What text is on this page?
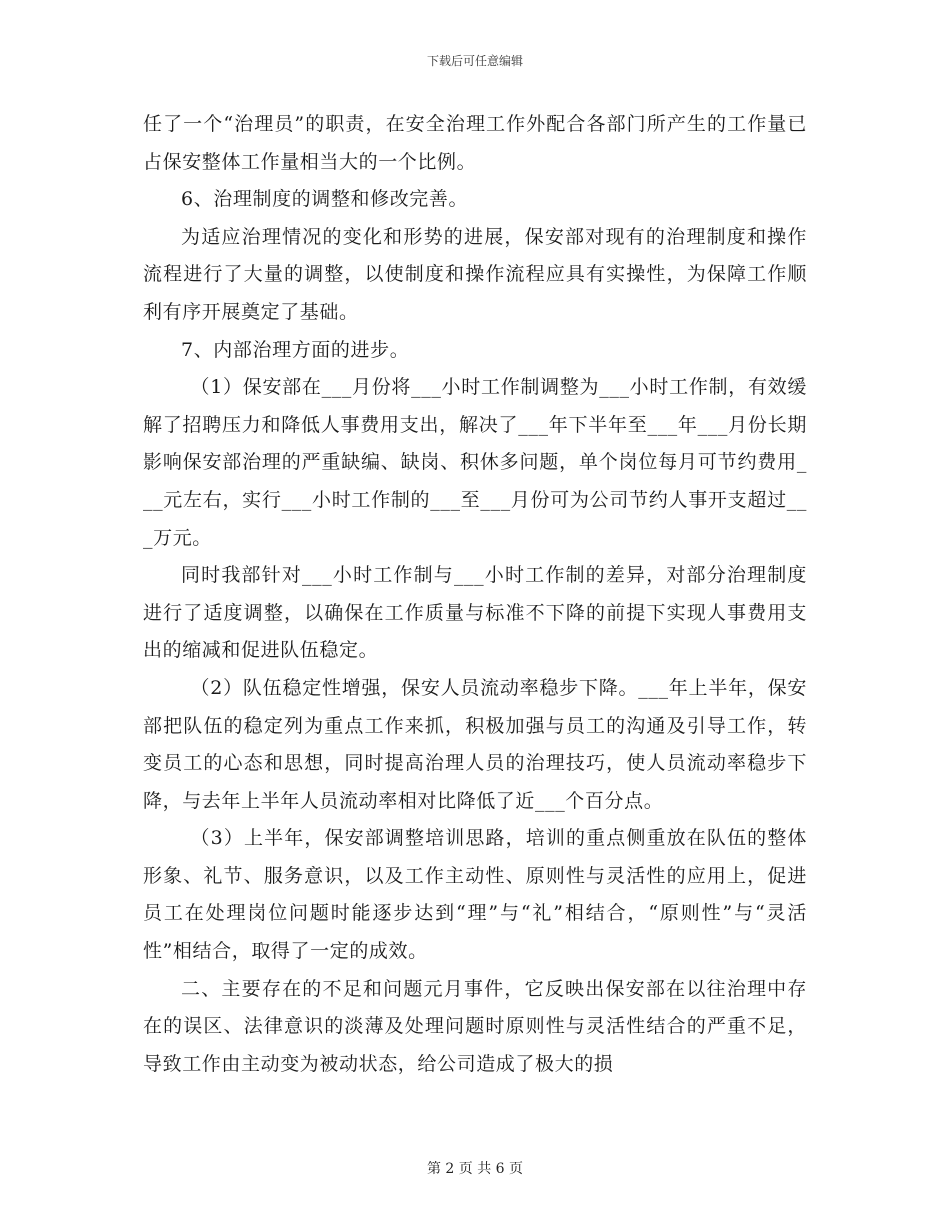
下载后可任意编辑

任了一个“治理员”的职责，在安全治理工作外配合各部门所产生的工作量已占保安整体工作量相当大的一个比例。

6、治理制度的调整和修改完善。

为适应治理情况的变化和形势的进展，保安部对现有的治理制度和操作流程进行了大量的调整，以使制度和操作流程应具有实操性，为保障工作顺利有序开展奠定了基础。

7、内部治理方面的进步。

（1）保安部在___月份将___小时工作制调整为___小时工作制，有效缓解了招聘压力和降低人事费用支出，解决了___年下半年至___年___月份长期影响保安部治理的严重缺编、缺岗、积休多问题，单个岗位每月可节约费用___元左右，实行___小时工作制的___至___月份可为公司节约人事开支超过___万元。

同时我部针对___小时工作制与___小时工作制的差异，对部分治理制度进行了适度调整，以确保在工作质量与标准不下降的前提下实现人事费用支出的缩减和促进队伍稳定。

（2）队伍稳定性增强，保安人员流动率稳步下降。___年上半年，保安部把队伍的稳定列为重点工作来抓，积极加强与员工的沟通及引导工作，转变员工的心态和思想，同时提高治理人员的治理技巧，使人员流动率稳步下降，与去年上半年人员流动率相对比降低了近___个百分点。

（3）上半年，保安部调整培训思路，培训的重点侧重放在队伍的整体形象、礼节、服务意识，以及工作主动性、原则性与灵活性的应用上，促进员工在处理岗位问题时能逐步达到“理”与“礼”相结合，“原则性”与“灵活性”相结合，取得了一定的成效。

二、主要存在的不足和问题元月事件，它反映出保安部在以往治理中存在的误区、法律意识的淡薄及处理问题时原则性与灵活性结合的严重不足，导致工作由主动变为被动状态，给公司造成了极大的损

第 2 页 共 6 页
